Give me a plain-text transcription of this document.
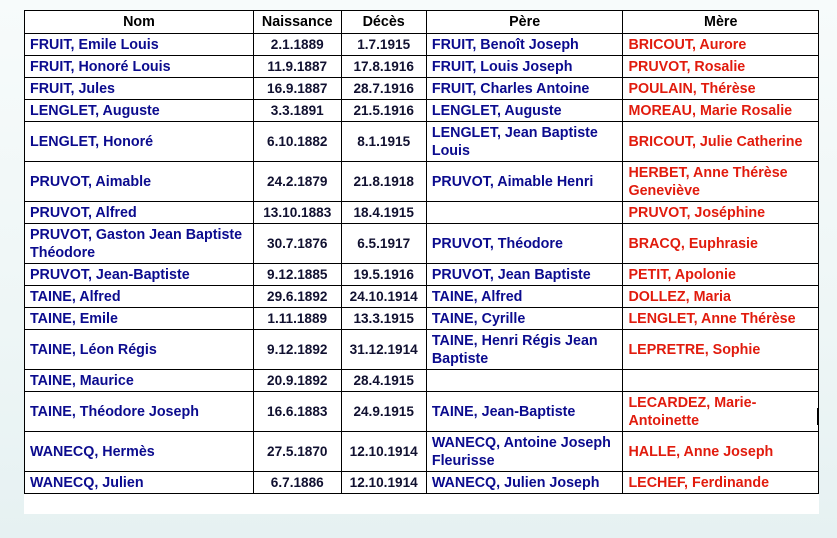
Nom	Naissance	Décès	Père	Mère
FRUIT, Emile Louis	2.1.1889	1.7.1915	FRUIT, Benoît Joseph	BRICOUT, Aurore
FRUIT, Honoré Louis	11.9.1887	17.8.1916	FRUIT, Louis Joseph	PRUVOT, Rosalie
FRUIT, Jules	16.9.1887	28.7.1916	FRUIT, Charles Antoine	POULAIN, Thérèse
LENGLET, Auguste	3.3.1891	21.5.1916	LENGLET, Auguste	MOREAU, Marie Rosalie
LENGLET, Honoré	6.10.1882	8.1.1915	LENGLET, Jean Baptiste Louis	BRICOUT, Julie Catherine
PRUVOT, Aimable	24.2.1879	21.8.1918	PRUVOT, Aimable Henri	HERBET, Anne Thérèse Geneviève
PRUVOT, Alfred	13.10.1883	18.4.1915		PRUVOT, Joséphine
PRUVOT, Gaston Jean Baptiste Théodore	30.7.1876	6.5.1917	PRUVOT, Théodore	BRACQ, Euphrasie
PRUVOT, Jean-Baptiste	9.12.1885	19.5.1916	PRUVOT, Jean Baptiste	PETIT, Apolonie
TAINE, Alfred	29.6.1892	24.10.1914	TAINE, Alfred	DOLLEZ, Maria
TAINE, Emile	1.11.1889	13.3.1915	TAINE, Cyrille	LENGLET, Anne Thérèse
TAINE, Léon Régis	9.12.1892	31.12.1914	TAINE, Henri Régis Jean Baptiste	LEPRETRE, Sophie
TAINE, Maurice	20.9.1892	28.4.1915		
TAINE, Théodore Joseph	16.6.1883	24.9.1915	TAINE, Jean-Baptiste	LECARDEZ, Marie-Antoinette
WANECQ, Hermès	27.5.1870	12.10.1914	WANECQ, Antoine Joseph Fleurisse	HALLE, Anne Joseph
WANECQ, Julien	6.7.1886	12.10.1914	WANECQ, Julien Joseph	LECHEF, Ferdinande
